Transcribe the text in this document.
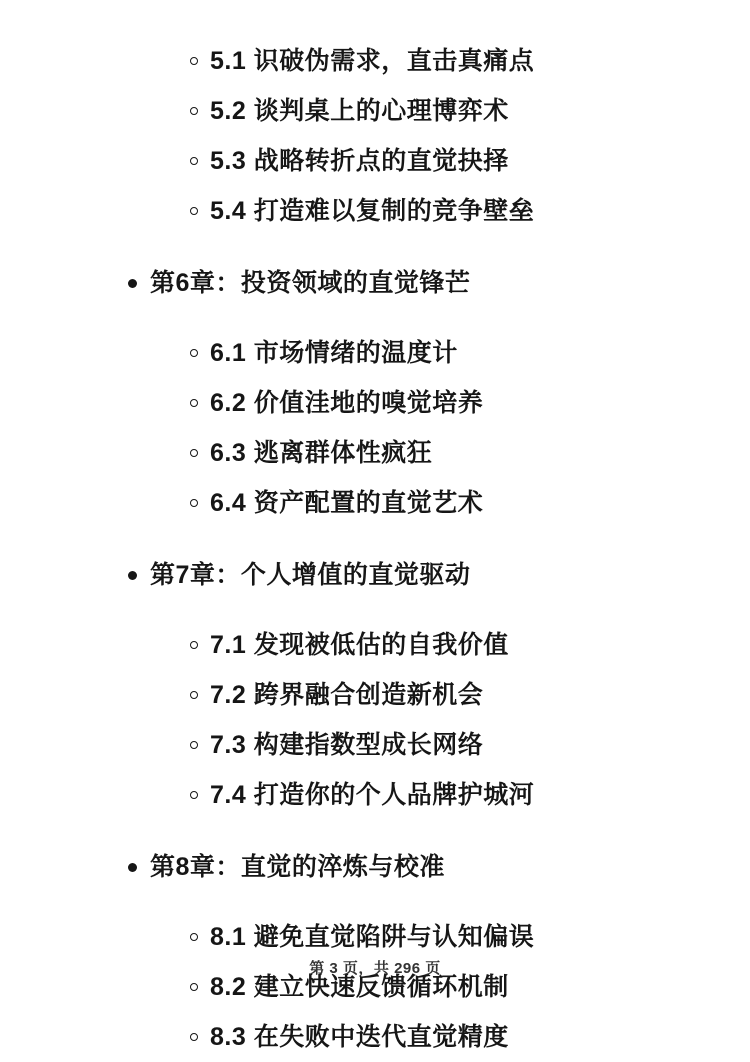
5.1 识破伪需求，直击真痛点
5.2 谈判桌上的心理博弈术
5.3 战略转折点的直觉抉择
5.4 打造难以复制的竞争壁垒
第6章：投资领域的直觉锋芒
6.1 市场情绪的温度计
6.2 价值洼地的嗅觉培养
6.3 逃离群体性疯狂
6.4 资产配置的直觉艺术
第7章：个人增值的直觉驱动
7.1 发现被低估的自我价值
7.2 跨界融合创造新机会
7.3 构建指数型成长网络
7.4 打造你的个人品牌护城河
第8章：直觉的淬炼与校准
8.1 避免直觉陷阱与认知偏误
8.2 建立快速反馈循环机制
8.3 在失败中迭代直觉精度
第 3 页，共 296 页
